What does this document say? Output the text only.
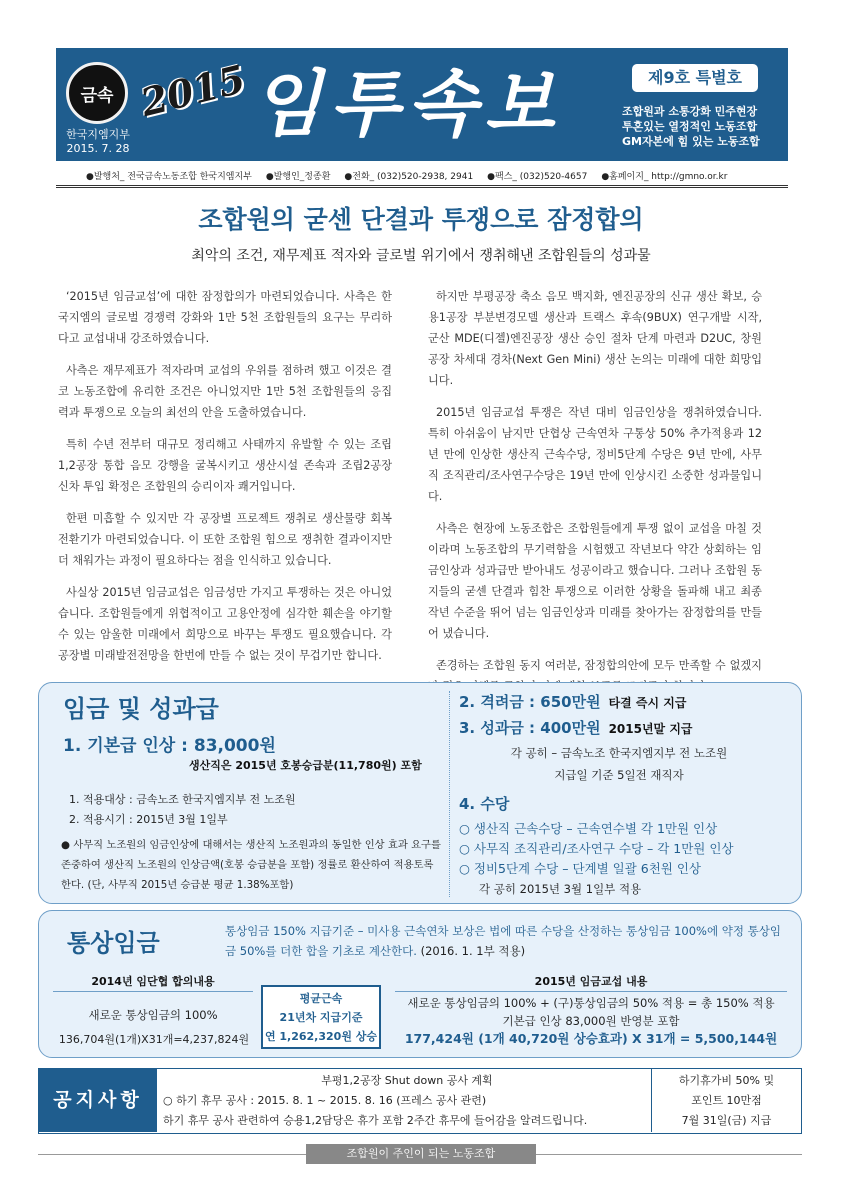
금속
한국지엠지부
2015. 7. 28
2015 임투속보	제9호 특별호
조합원과 소통강화 민주현장
투혼있는 열정적인 노동조합
GM자본에 힘 있는 노동조합
●발행처_ 전국금속노동조합 한국지엠지부 ●발행인_정종환 ●전화_ (032)520-2938, 2941 ●팩스_ (032)520-4657 ●홈페이지_ http://gmno.or.kr
조합원의 굳센 단결과 투쟁으로 잠정합의
최악의 조건, 재무제표 적자와 글로벌 위기에서 쟁취해낸 조합원들의 성과물

‘2015년 임금교섭’에 대한 잠정합의가 마련되었습니다. 사측은 한국지엠의 글로벌 경쟁력 강화와 1만 5천 조합원들의 요구는 무리하다고 교섭내내 강조하였습니다.

사측은 재무제표가 적자라며 교섭의 우위를 점하려 했고 이것은 결코 노동조합에 유리한 조건은 아니었지만 1만 5천 조합원들의 응집력과 투쟁으로 오늘의 최선의 안을 도출하였습니다.

특히 수년 전부터 대규모 정리해고 사태까지 유발할 수 있는 조립1,2공장 통합 음모 강행을 굴복시키고 생산시설 존속과 조립2공장 신차 투입 확정은 조합원의 승리이자 쾌거입니다.

한편 미흡할 수 있지만 각 공장별 프로젝트 쟁취로 생산물량 회복 전환기가 마련되었습니다. 이 또한 조합원 힘으로 쟁취한 결과이지만 더 채워가는 과정이 필요하다는 점을 인식하고 있습니다.

사실상 2015년 임금교섭은 임금성만 가지고 투쟁하는 것은 아니었습니다. 조합원들에게 위협적이고 고용안정에 심각한 훼손을 야기할 수 있는 암울한 미래에서 희망으로 바꾸는 투쟁도 필요했습니다. 각 공장별 미래발전전망을 한번에 만들 수 없는 것이 무겁기만 합니다.

하지만 부평공장 축소 음모 백지화, 엔진공장의 신규 생산 확보, 승용1공장 부분변경모델 생산과 트랙스 후속(9BUX) 연구개발 시작, 군산 MDE(디젤)엔진공장 생산 승인 절차 단계 마련과 D2UC, 창원공장 차세대 경차(Next Gen Mini) 생산 논의는 미래에 대한 희망입니다.

2015년 임금교섭 투쟁은 작년 대비 임금인상을 쟁취하였습니다. 특히 아쉬움이 남지만 단협상 근속연차 구통상 50% 추가적용과 12년 만에 인상한 생산직 근속수당, 정비5단계 수당은 9년 만에, 사무직 조직관리/조사연구수당은 19년 만에 인상시킨 소중한 성과물입니다.

사측은 현장에 노동조합은 조합원들에게 투쟁 없이 교섭을 마칠 것이라며 노동조합의 무기력함을 시험했고 작년보다 약간 상회하는 임금인상과 성과급만 받아내도 성공이라고 했습니다. 그러나 조합원 동지들의 굳센 단결과 힘찬 투쟁으로 이러한 상황을 돌파해 내고 최종 작년 수준을 뛰어 넘는 임금인상과 미래를 찾아가는 잠정합의를 만들어 냈습니다.

존경하는 조합원 동지 여러분, 잠정합의안에 모두 만족할 수 없겠지

임금 및 성과급
1. 기본급 인상 : 83,000원
생산직은 2015년 호봉승급분(11,780원) 포함
1. 적용대상 : 금속노조 한국지엠지부 전 노조원
2. 적용시기 : 2015년 3월 1일부
● 사무직 노조원의 임금인상에 대해서는 생산직 노조원과의 동일한 인상 효과 요구를 존중하여 생산직 노조원의 인상금액(호봉 승급분을 포함) 정률로 환산하여 적용토록 한다. (단, 사무직 2015년 승급분 평균 1.38%포함)
2. 격려금 : 650만원 타결 즉시 지급
3. 성과금 : 400만원 2015년말 지급
각 공히 – 금속노조 한국지엠지부 전 노조원
지급일 기준 5일전 재직자
4. 수당
○ 생산직 근속수당 – 근속연수별 각 1만원 인상
○ 사무직 조직관리/조사연구 수당 – 각 1만원 인상
○ 정비5단계 수당 – 단계별 일괄 6천원 인상
각 공히 2015년 3월 1일부 적용
통상임금	통상임금 150% 지급기준 – 미사용 근속연차 보상은 법에 따른 수당을 산정하는 통상임금 100%에 약정 통상임금 50%를 더한 합을 기초로 계산한다. (2016. 1. 1부 적용)
2014년 임단협 합의내용
새로운 통상임금의 100%
136,704원(1개)X31개=4,237,824원
평균근속
21년차 지급기준
연 1,262,320원 상승
2015년 임금교섭 내용
새로운 통상임금의 100% + (구)통상임금의 50% 적용 = 총 150% 적용
기본급 인상 83,000원 반영분 포함
177,424원 (1개 40,720원 상승효과) X 31개 = 5,500,144원
공지사항
부평1,2공장 Shut down 공사 계획
○ 하기 휴무 공사 : 2015. 8. 1 ~ 2015. 8. 16 (프레스 공사 관련)
하기 휴무 공사 관련하여 승용1,2담당은 휴가 포함 2주간 휴무에 들어감을 알려드립니다.
하기휴가비 50% 및
포인트 10만점
7월 31일(금) 지급
조합원이 주인이 되는 노동조합
